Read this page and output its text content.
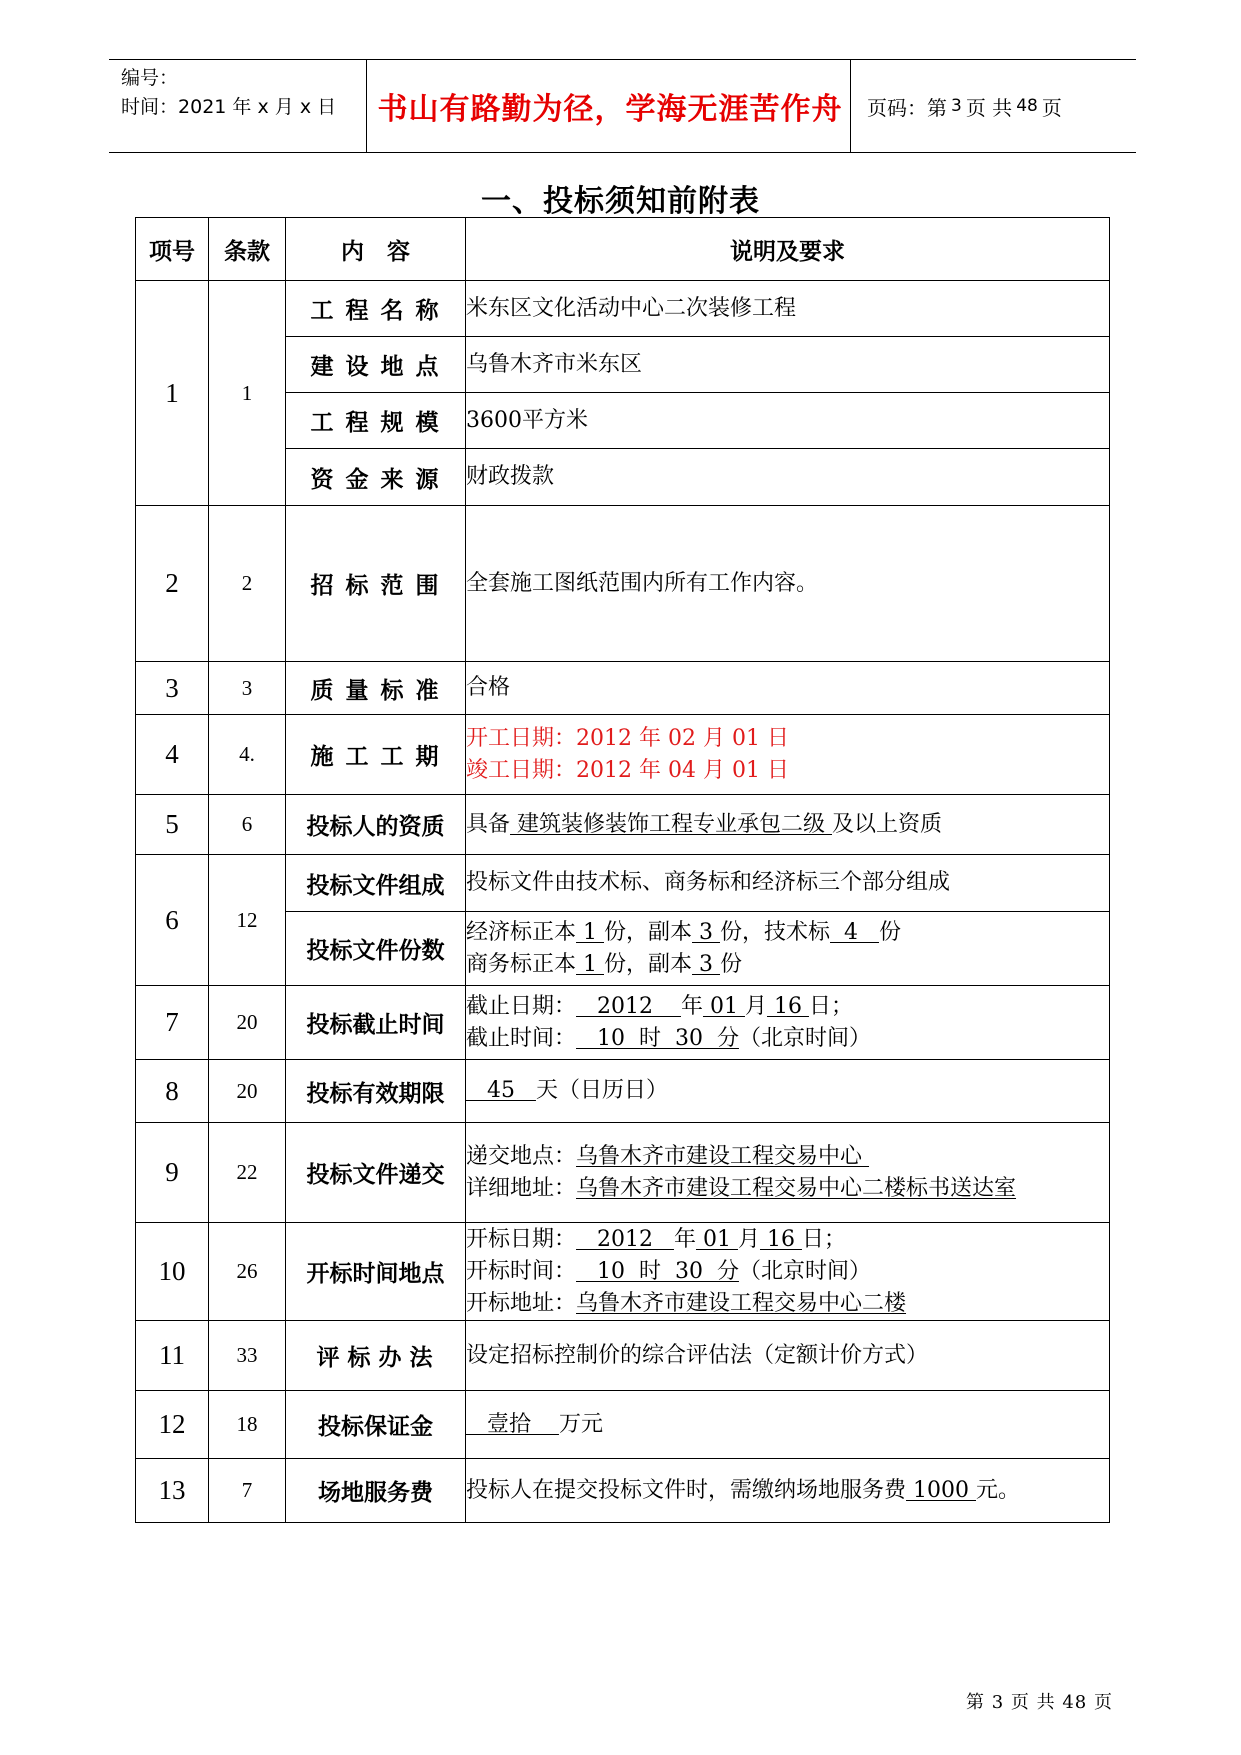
编号：
时间：2021 年 x 月 x 日 书山有路勤为径，学海无涯苦作舟	页码：第 3 页 共 48 页
一、投标须知前附表
项号	条款	内　容	说明及要求
1	1	工程名称	米东区文化活动中心二次装修工程
		建设地点	乌鲁木齐市米东区
		工程规模	3600平方米
		资金来源	财政拨款
2	2	招标范围	全套施工图纸范围内所有工作内容。
3	3	质量标准	合格
4	4.	施工工期	开工日期：2012 年 02 月 01 日
竣工日期：2012 年 04 月 01 日

5	6	投标人的资质	具备 建筑装修装饰工程专业承包二级 及以上资质
6	12	投标文件组成	投标文件由技术标、商务标和经济标三个部分组成
		投标文件份数	经济标正本 1 份，副本 3 份，技术标  4   份
商务标正本 1 份，副本 3 份

7	20	投标截止时间	截止日期：   2012    年 01 月 16 日；
截止时间：   10  时  30  分（北京时间）

8	20	投标有效期限	45   天（日历日）
9	22	投标文件递交	递交地点：乌鲁木齐市建设工程交易中心
详细地址：乌鲁木齐市建设工程交易中心二楼标书送达室

10	26	开标时间地点	开标日期：   2012   年 01 月 16 日；
开标时间：   10  时  30  分（北京时间）
开标地址：乌鲁木齐市建设工程交易中心二楼

11	33	评标办法	设定招标控制价的综合评估法（定额计价方式）
12	18	投标保证金	壹拾    万元
13	7	场地服务费	投标人在提交投标文件时，需缴纳场地服务费 1000 元。
第 3 页 共 48 页
